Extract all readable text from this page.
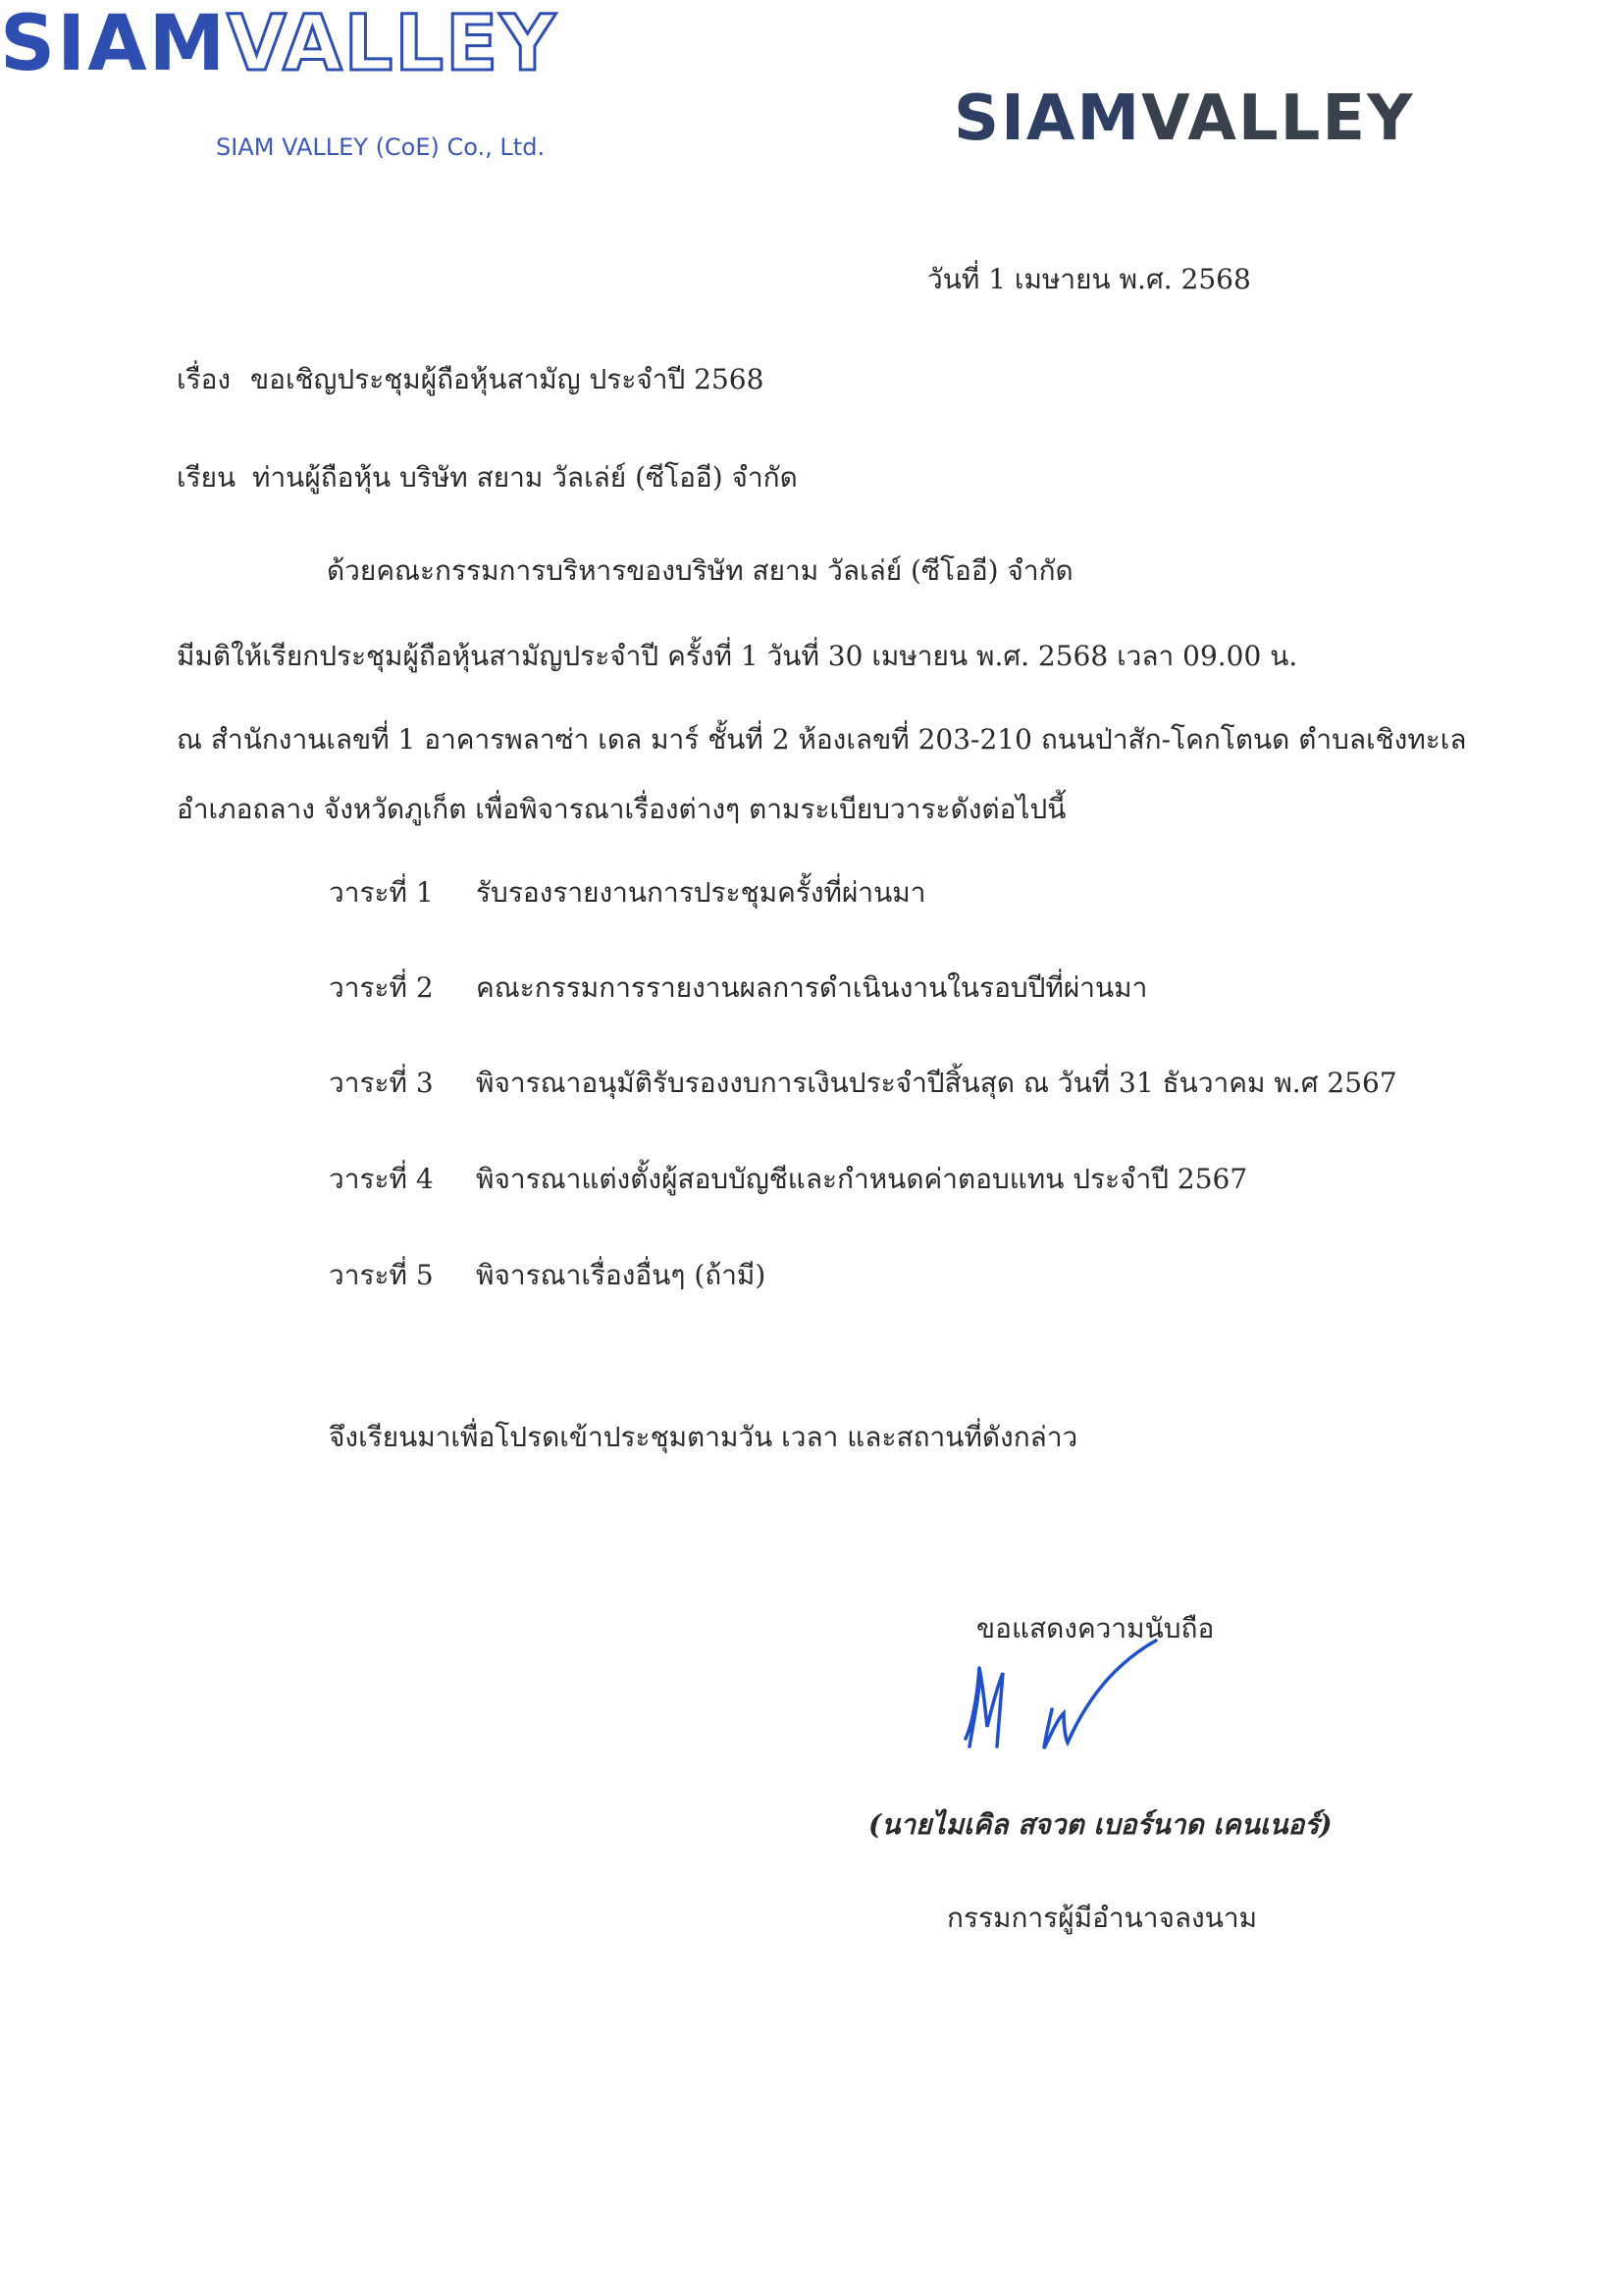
SIAMVALLEY
วันที่ 1 เมษายน พ.ศ. 2568
เรื่อง ขอเชิญประชุมผู้ถือหุ้นสามัญ ประจำปี 2568
เรียน ท่านผู้ถือหุ้น บริษัท สยาม วัลเล่ย์ (ซีโออี) จำกัด
ด้วยคณะกรรมการบริหารของบริษัท สยาม วัลเล่ย์ (ซีโออี) จำกัด
มีมติให้เรียกประชุมผู้ถือหุ้นสามัญประจำปี ครั้งที่ 1 วันที่ 30 เมษายน พ.ศ. 2568 เวลา 09.00 น.
ณ สำนักงานเลขที่ 1 อาคารพลาซ่า เดล มาร์ ชั้นที่ 2 ห้องเลขที่ 203-210 ถนนป่าสัก-โคกโตนด ตำบลเชิงทะเล
อำเภอถลาง จังหวัดภูเก็ต เพื่อพิจารณาเรื่องต่างๆ ตามระเบียบวาระดังต่อไปนี้
วาระที่ 1 รับรองรายงานการประชุมครั้งที่ผ่านมา
วาระที่ 2 คณะกรรมการรายงานผลการดำเนินงานในรอบปีที่ผ่านมา
วาระที่ 3 พิจารณาอนุมัติรับรองงบการเงินประจำปีสิ้นสุด ณ วันที่ 31 ธันวาคม พ.ศ 2567
วาระที่ 4 พิจารณาแต่งตั้งผู้สอบบัญชีและกำหนดค่าตอบแทน ประจำปี 2567
วาระที่ 5 พิจารณาเรื่องอื่นๆ (ถ้ามี)
จึงเรียนมาเพื่อโปรดเข้าประชุมตามวัน เวลา และสถานที่ดังกล่าว
ขอแสดงความนับถือ
(นายไมเคิล สจวต เบอร์นาด เคนเนอร์)
กรรมการผู้มีอำนาจลงนาม
SIAMVALLEY
SIAM VALLEY (CoE) Co., Ltd.
